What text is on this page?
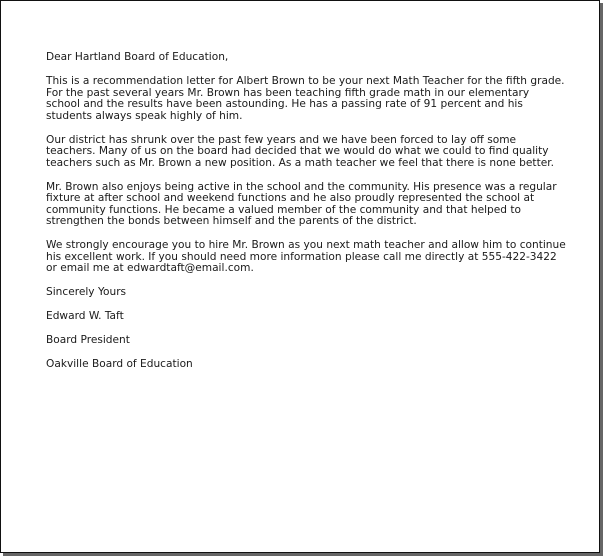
Dear Hartland Board of Education,

This is a recommendation letter for Albert Brown to be your next Math Teacher for the fifth grade. For the past several years Mr. Brown has been teaching fifth grade math in our elementary school and the results have been astounding. He has a passing rate of 91 percent and his students always speak highly of him.

Our district has shrunk over the past few years and we have been forced to lay off some teachers. Many of us on the board had decided that we would do what we could to find quality teachers such as Mr. Brown a new position. As a math teacher we feel that there is none better.

Mr. Brown also enjoys being active in the school and the community. His presence was a regular fixture at after school and weekend functions and he also proudly represented the school at community functions. He became a valued member of the community and that helped to strengthen the bonds between himself and the parents of the district.

We strongly encourage you to hire Mr. Brown as you next math teacher and allow him to continue his excellent work. If you should need more information please call me directly at 555-422-3422 or email me at edwardtaft@email.com.

Sincerely Yours

Edward W. Taft

Board President

Oakville Board of Education
